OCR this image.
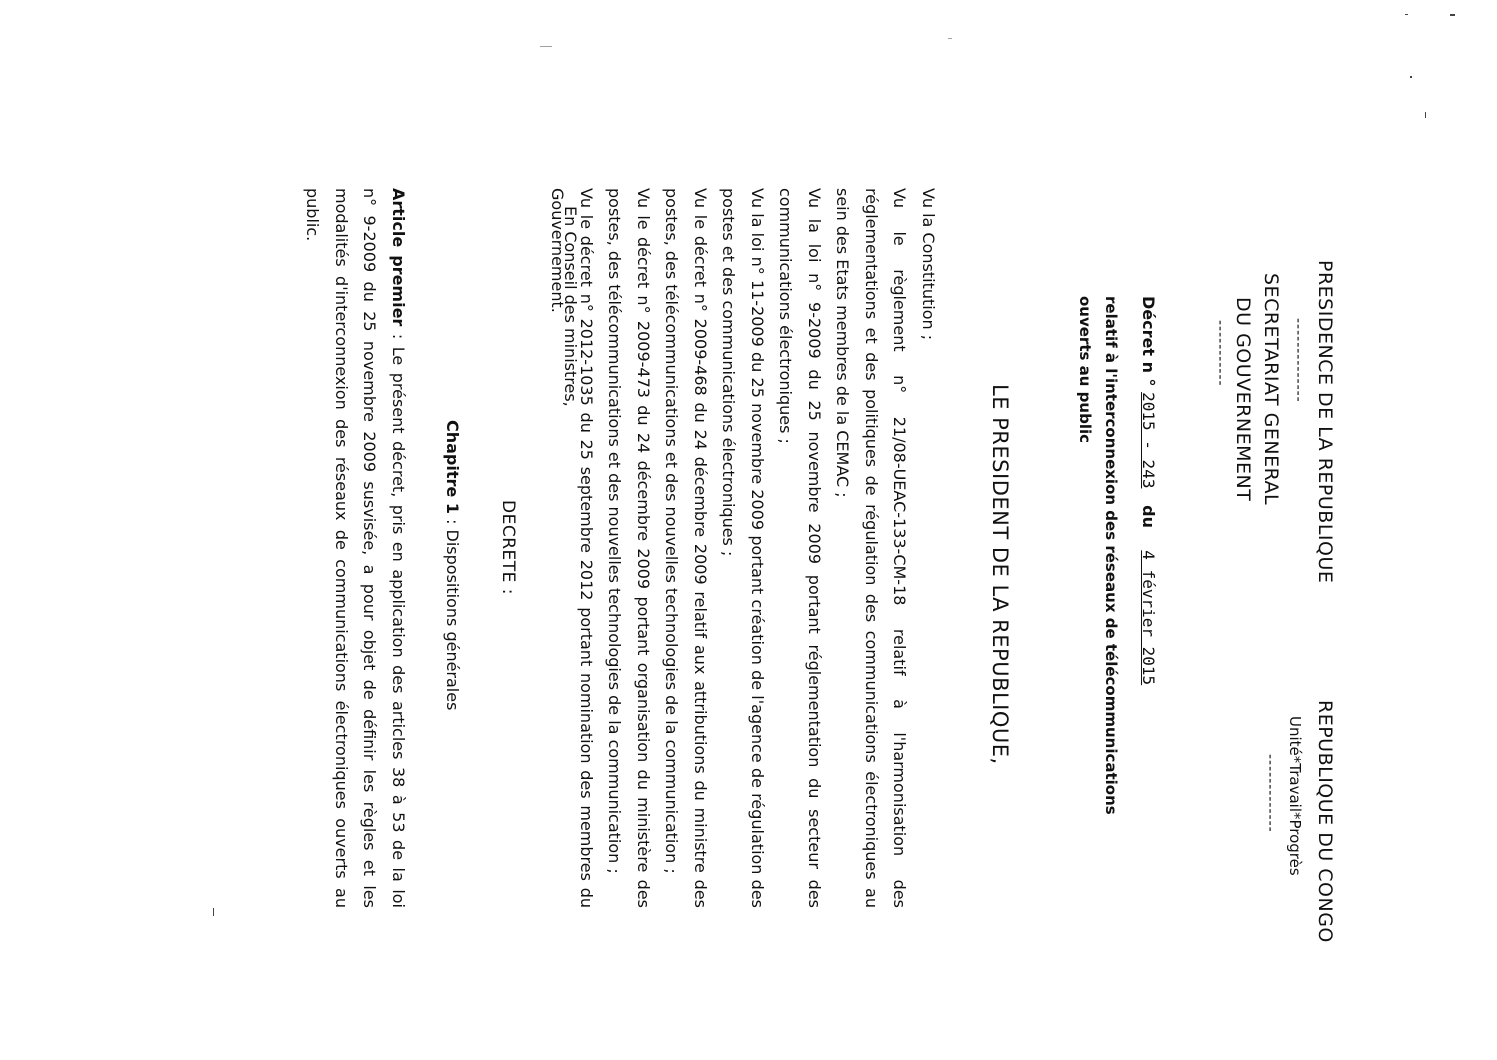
PRESIDENCE DE LA REPUBLIQUE
--------------
SECRETARIAT GENERAL
DU GOUVERNEMENT
-----------
REPUBLIQUE DU CONGO
Unité*Travail*Progrès
-------------
Décret n ° 2015 - 243   du    4 février 2015
relatif à l'interconnexion des réseaux de télécommunications
ouverts au public
LE PRESIDENT DE LA REPUBLIQUE,
Vu la Constitution ;
Vu le règlement n° 21/08-UEAC-133-CM-18 relatif à l'harmonisation des
réglementations et des politiques de régulation des communications électroniques au
sein des Etats membres de la CEMAC ;
Vu la loi n° 9-2009 du 25 novembre 2009 portant réglementation du secteur des
communications électroniques ;
Vu la loi n° 11-2009 du 25 novembre 2009 portant création de l'agence de régulation des
postes et des communications électroniques ;
Vu le décret n° 2009-468 du 24 décembre 2009 relatif aux attributions du ministre des
postes, des télécommunications et des nouvelles technologies de la communication ;
Vu le décret n° 2009-473 du 24 décembre 2009 portant organisation du ministère des
postes, des télécommunications et des nouvelles technologies de la communication ;
Vu le décret n° 2012-1035 du 25 septembre 2012 portant nomination des membres du
Gouvernement.
En Conseil des ministres,
DECRETE :
Chapitre 1 : Dispositions générales
Article premier : Le présent décret, pris en application des articles 38 à 53 de la loi
n° 9-2009 du 25 novembre 2009 susvisée, a pour objet de définir les règles et les
modalités d'interconnexion des réseaux de communications électroniques ouverts au
public.
